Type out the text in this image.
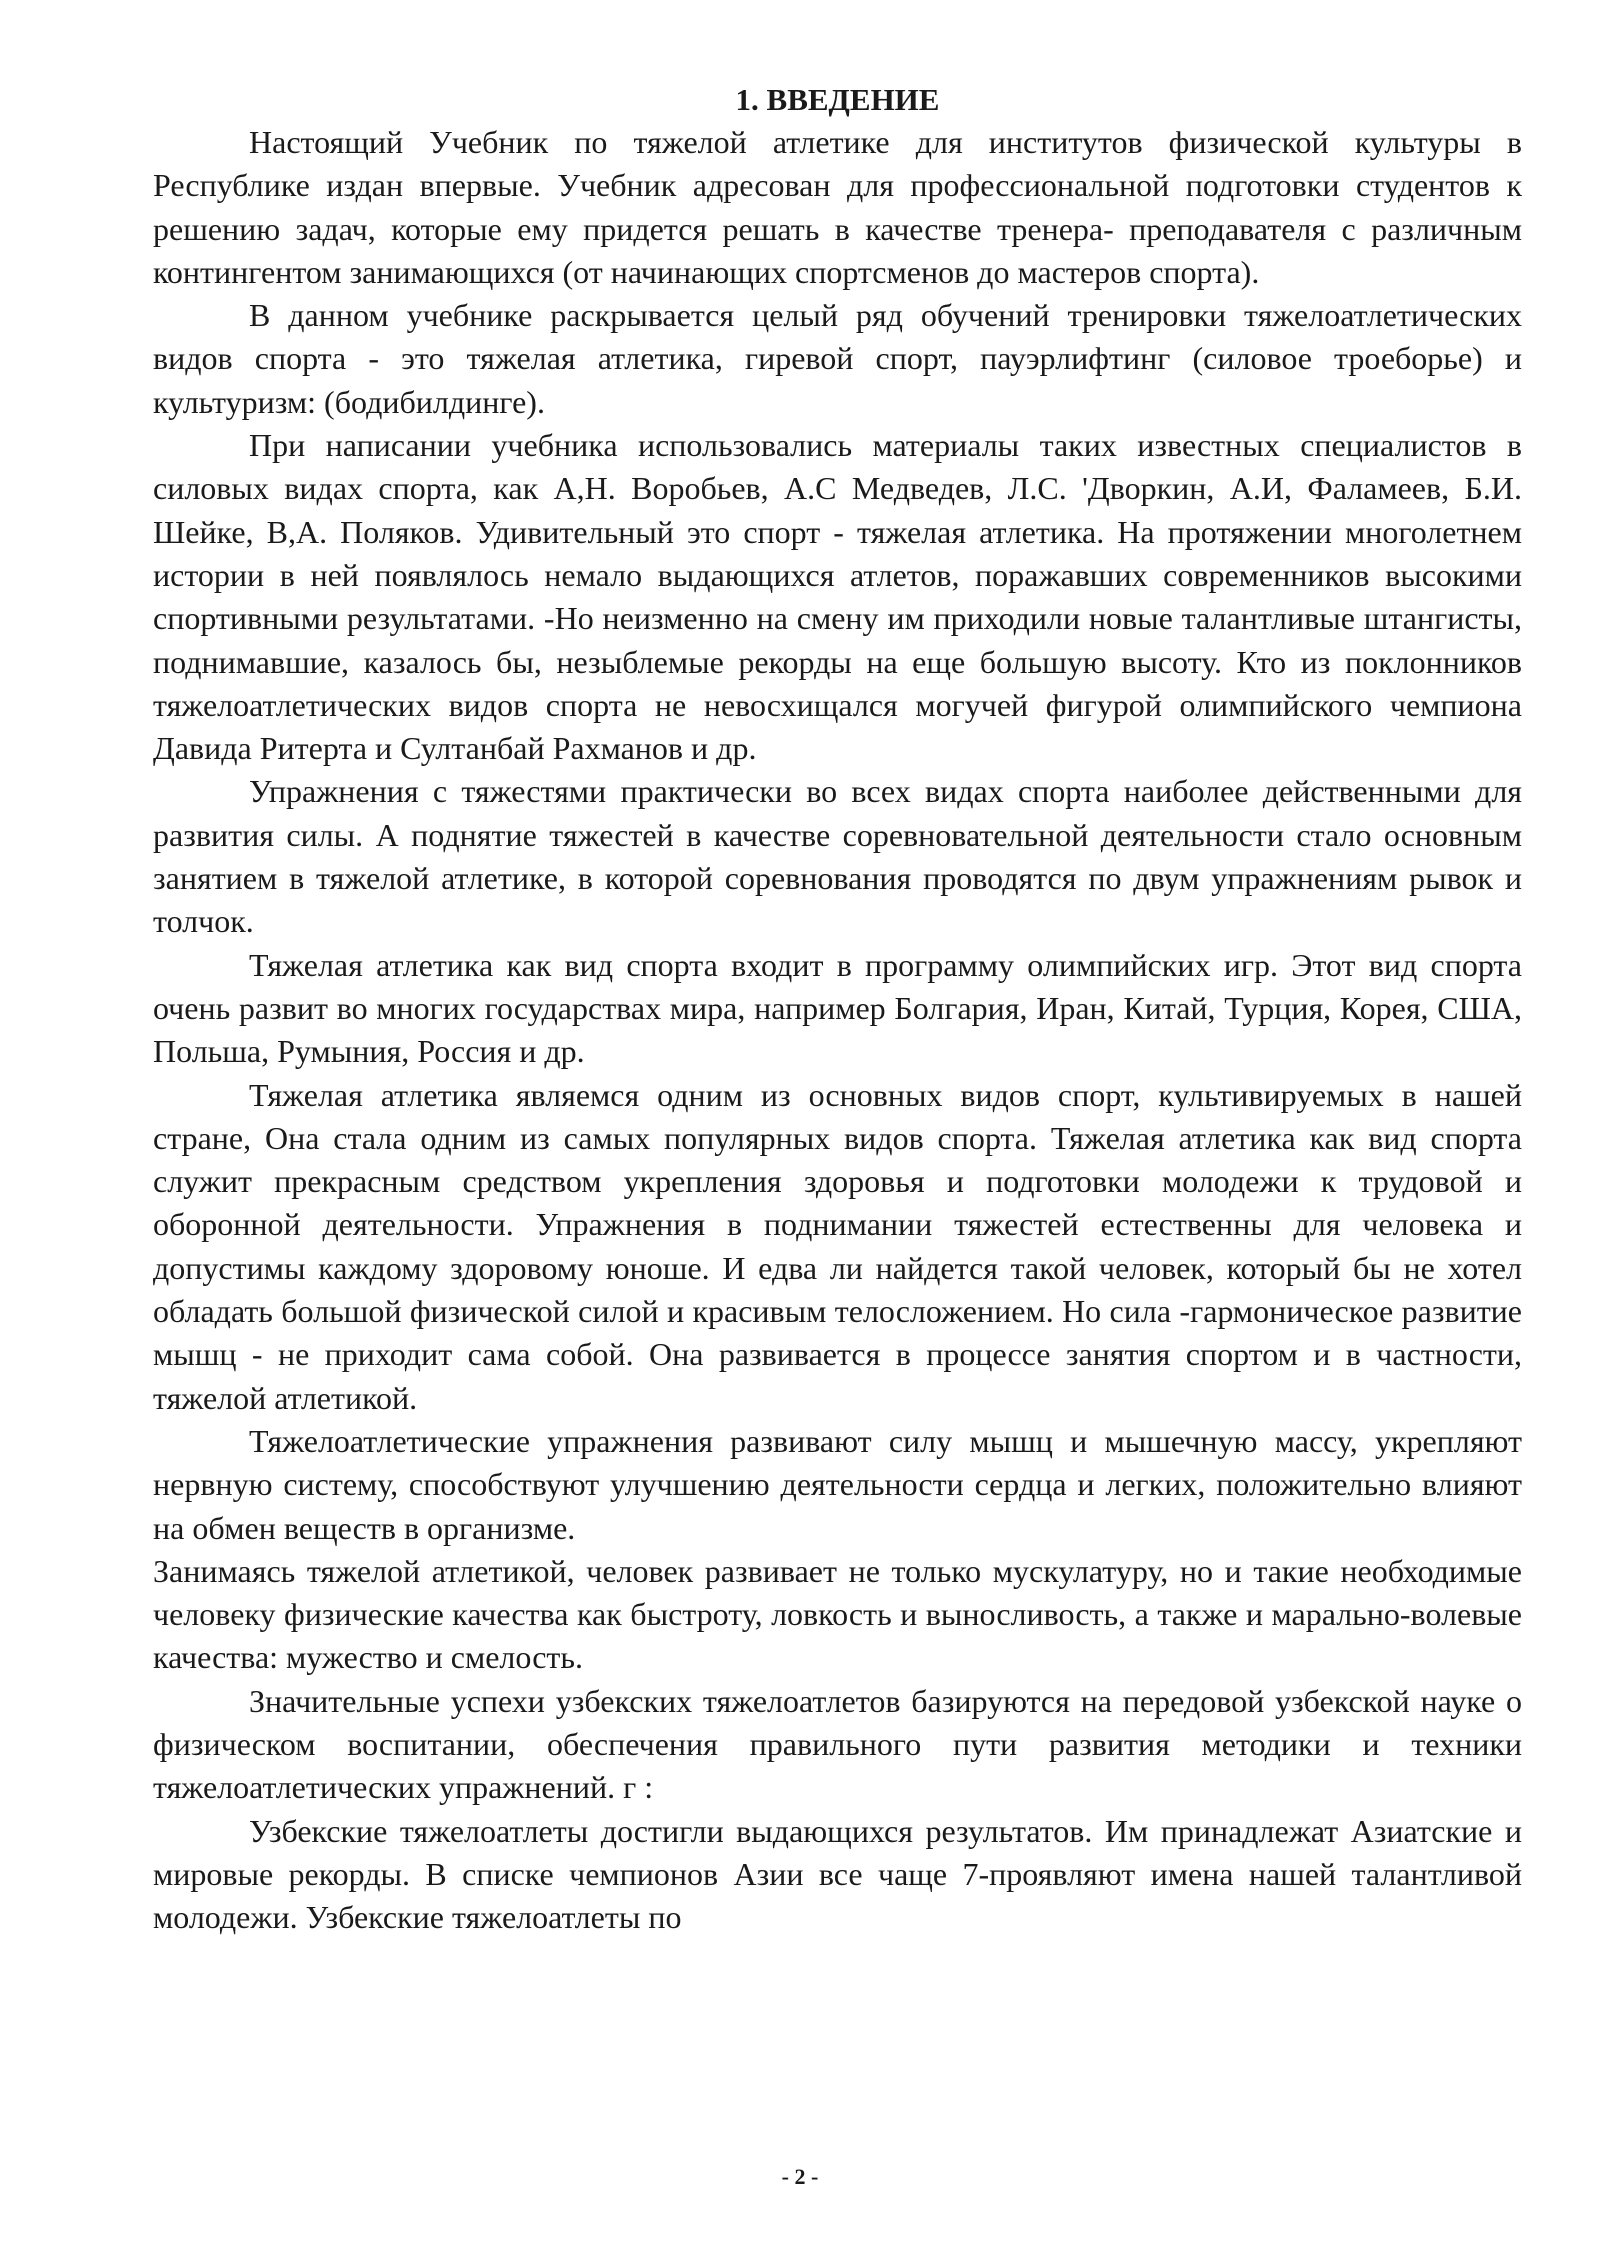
1. ВВЕДЕНИЕ

Настоящий Учебник по тяжелой атлетике для институтов физической культуры в Республике издан впервые. Учебник адресован для профессиональной подготовки студентов к решению задач, которые ему придется решать в качестве тренера- преподавателя с различным контингентом занимающихся (от начинающих спортсменов до мастеров спорта).

В данном учебнике раскрывается целый ряд обучений тренировки тяжелоатлетических видов спорта - это тяжелая атлетика, гиревой спорт, пауэрлифтинг (силовое троеборье) и культуризм: (бодибилдинге).

При написании учебника использовались материалы таких известных специалистов в силовых видах спорта, как А,Н. Воробьев, А.С Медведев, Л.С. 'Дворкин, А.И, Фаламеев, Б.И. Шейке, В,А. Поляков. Удивительный это спорт - тяжелая атлетика. На протяжении многолетнем истории в ней появлялось немало выдающихся атлетов, поражавших современников высокими спортивными результатами. -Но неизменно на смену им приходили новые талантливые штангисты, поднимавшие, казалось бы, незыблемые рекорды на еще большую высоту. Кто из поклонников тяжелоатлетических видов спорта не невосхищался могучей фигурой олимпийского чемпиона Давида Ритерта и Султанбай Рахманов и др.

Упражнения с тяжестями практически во всех видах спорта наиболее действенными для развития силы. А поднятие тяжестей в качестве соревновательной деятельности стало основным занятием в тяжелой атлетике, в которой соревнования проводятся по двум упражнениям рывок и толчок.

Тяжелая атлетика как вид спорта входит в программу олимпийских игр. Этот вид спорта очень развит во многих государствах мира, например Болгария, Иран, Китай, Турция, Корея, США, Польша, Румыния, Россия и др.

Тяжелая атлетика являемся одним из основных видов спорт, культивируемых в нашей стране, Она стала одним из самых популярных видов спорта. Тяжелая атлетика как вид спорта служит прекрасным средством укрепления здоровья и подготовки молодежи к трудовой и оборонной деятельности. Упражнения в поднимании тяжестей естественны для человека и допустимы каждому здоровому юноше. И едва ли найдется такой человек, который бы не хотел обладать большой физической силой и красивым телосложением. Но сила -гармоническое развитие мышц - не приходит сама собой. Она развивается в процессе занятия спортом и в частности, тяжелой атлетикой.

Тяжелоатлетические упражнения развивают силу мышц и мышечную массу, укрепляют нервную систему, способствуют улучшению деятельности сердца и легких, положительно влияют на обмен веществ в организме.

Занимаясь тяжелой атлетикой, человек развивает не только мускулатуру, но и такие необходимые человеку физические качества как быстроту, ловкость и выносливость, а также и маральнo-волевые качества: мужество и смелость.

Значительные успехи узбекских тяжелоатлетов базируются на передовой узбекской науке о физическом воспитании, обеспечения правильного пути развития методики и техники тяжелоатлетических упражнений. г :

Узбекские тяжелоатлеты достигли выдающихся результатов. Им принадлежат Азиатские и мировые рекорды. В списке чемпионов Азии все чаще 7-проявляют имена нашей талантливой молодежи. Узбекские тяжелоатлеты по

- 2 -
